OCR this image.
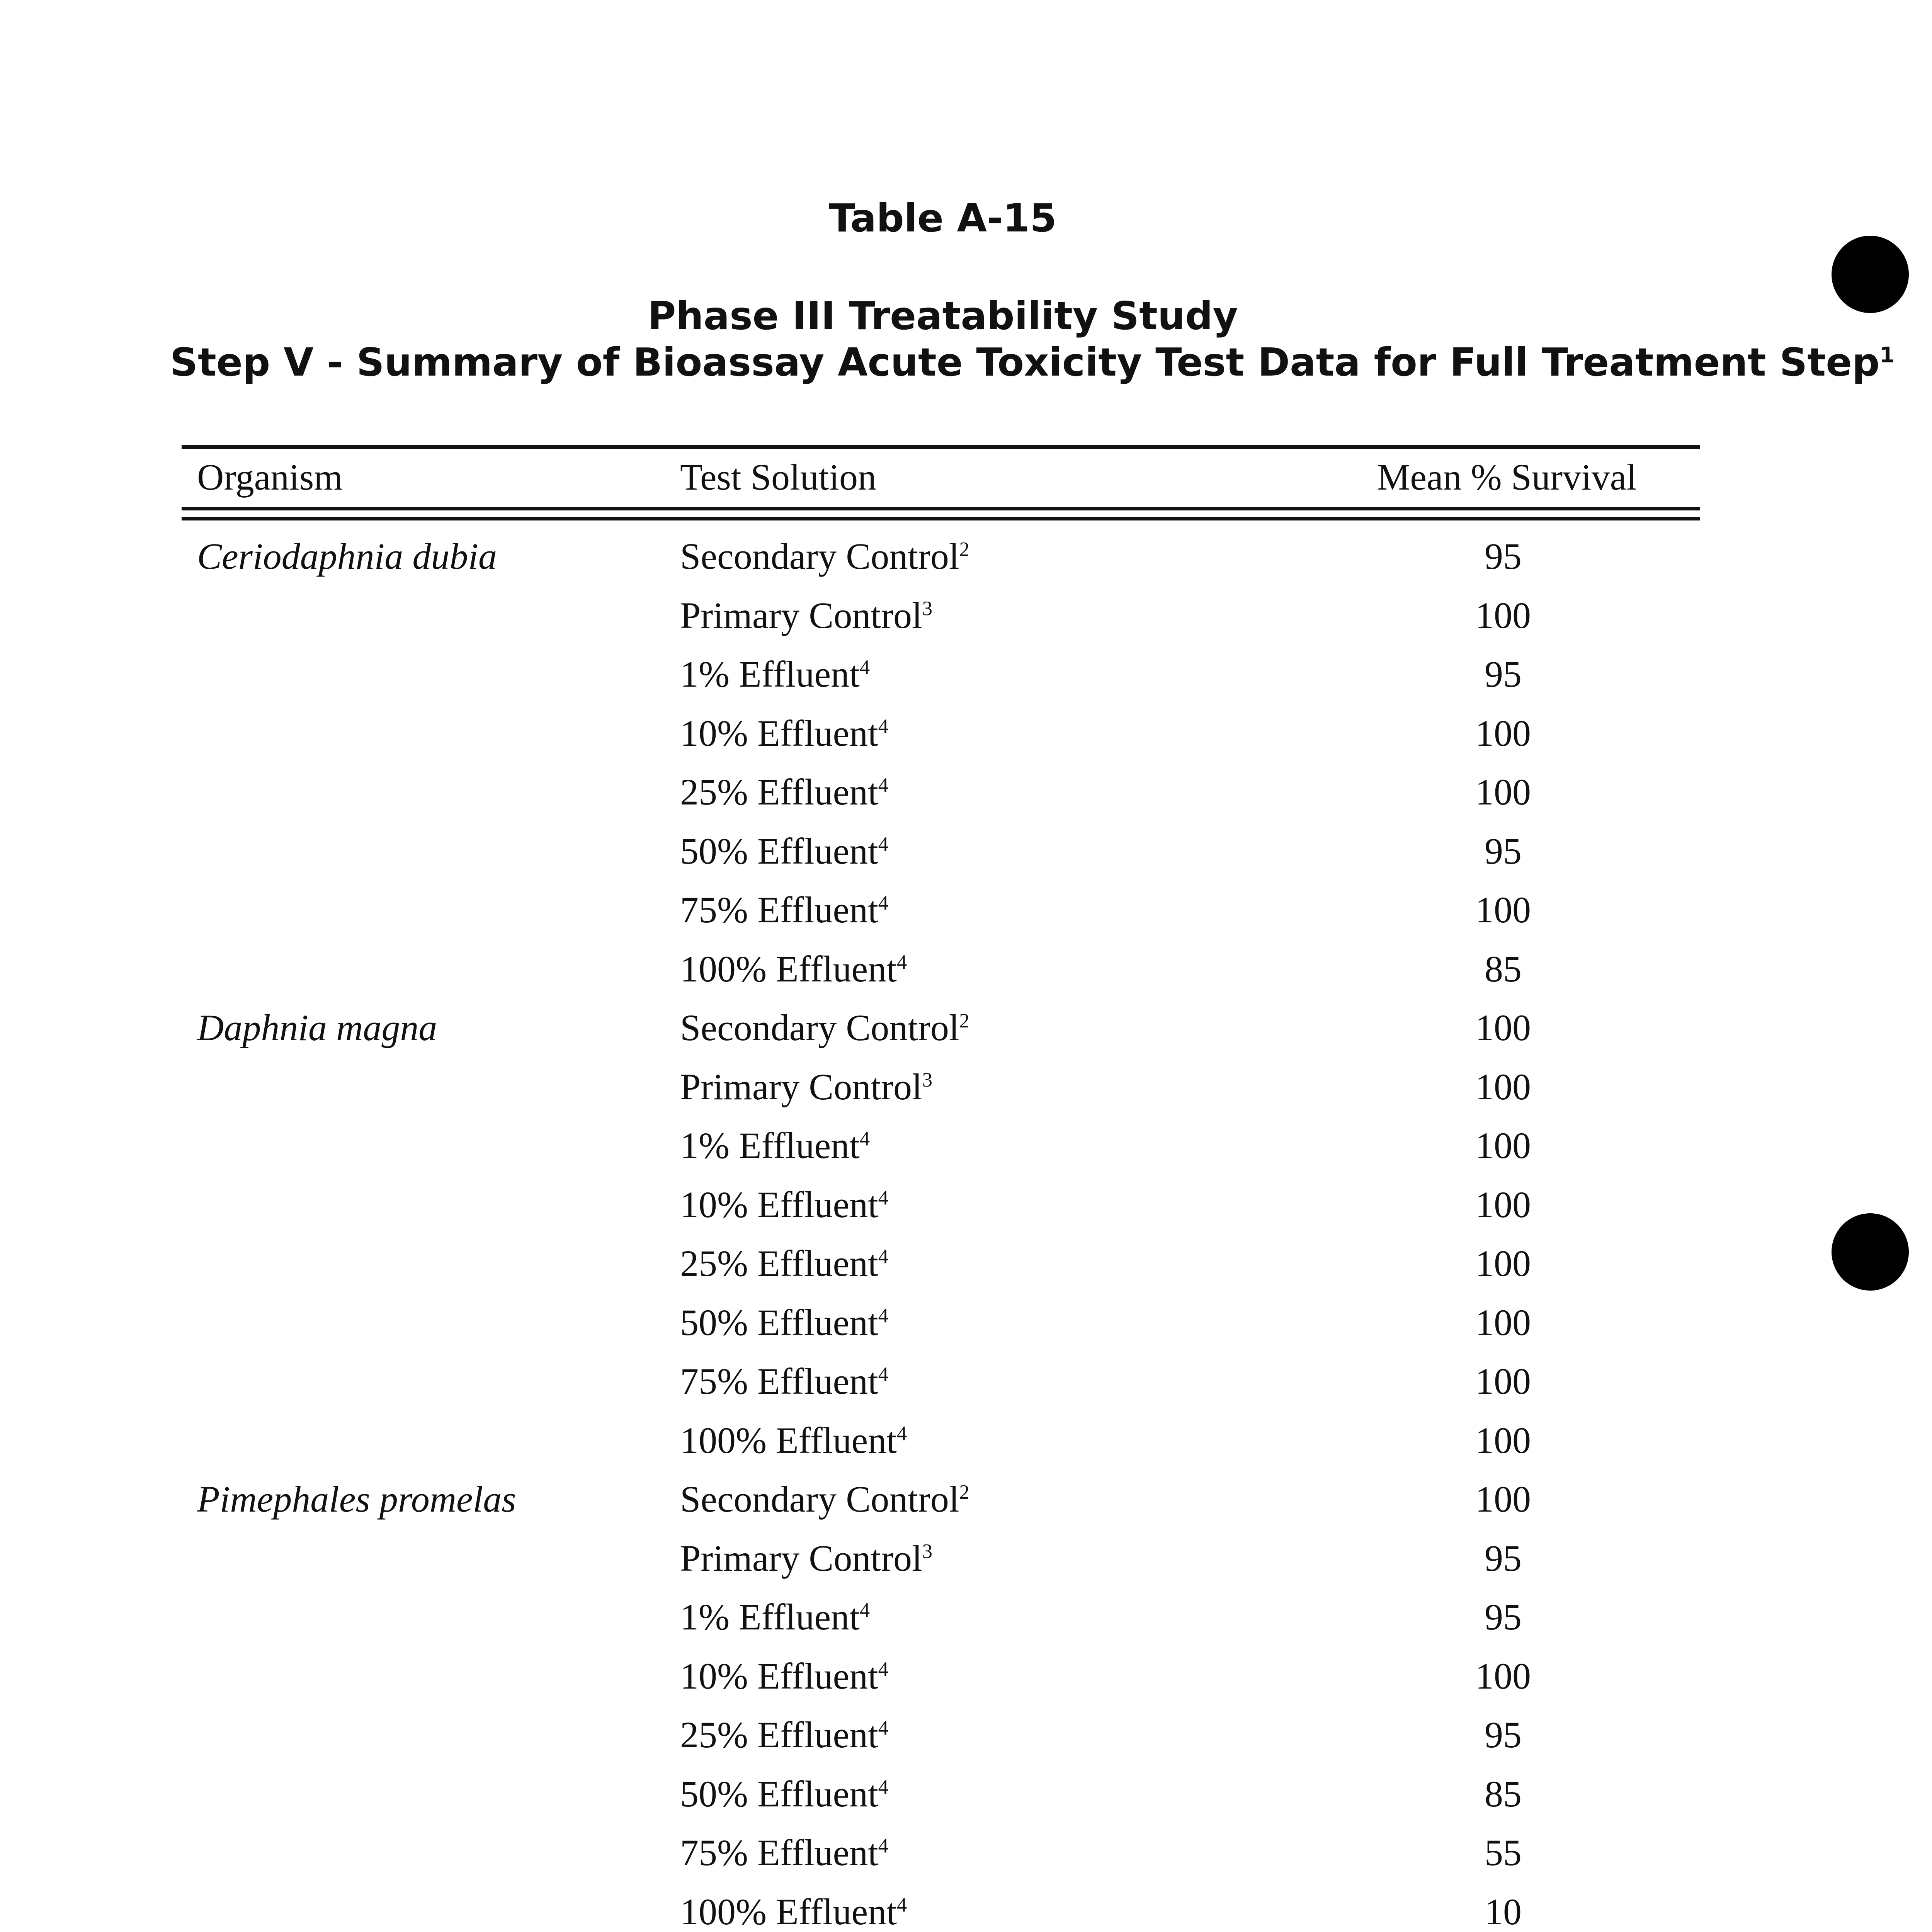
Table A-15

Phase III Treatability Study

Step V - Summary of Bioassay Acute Toxicity Test Data for Full Treatment Step$^1$

Organism	Test Solution	Mean % Survival
Ceriodaphnia dubia	Secondary Control$^2$	95
Primary Control$^3$	100
1% Effluent$^4$	95
10% Effluent$^4$	100
25% Effluent$^4$	100
50% Effluent$^4$	95
75% Effluent$^4$	100
100% Effluent$^4$	85
Daphnia magna	Secondary Control$^2$	100
Primary Control$^3$	100
1% Effluent$^4$	100
10% Effluent$^4$	100
25% Effluent$^4$	100
50% Effluent$^4$	100
75% Effluent$^4$	100
100% Effluent$^4$	100
Pimephales promelas	Secondary Control$^2$	100
Primary Control$^3$	95
1% Effluent$^4$	95
10% Effluent$^4$	100
25% Effluent$^4$	95
50% Effluent$^4$	85
75% Effluent$^4$	55
100% Effluent$^4$	10
